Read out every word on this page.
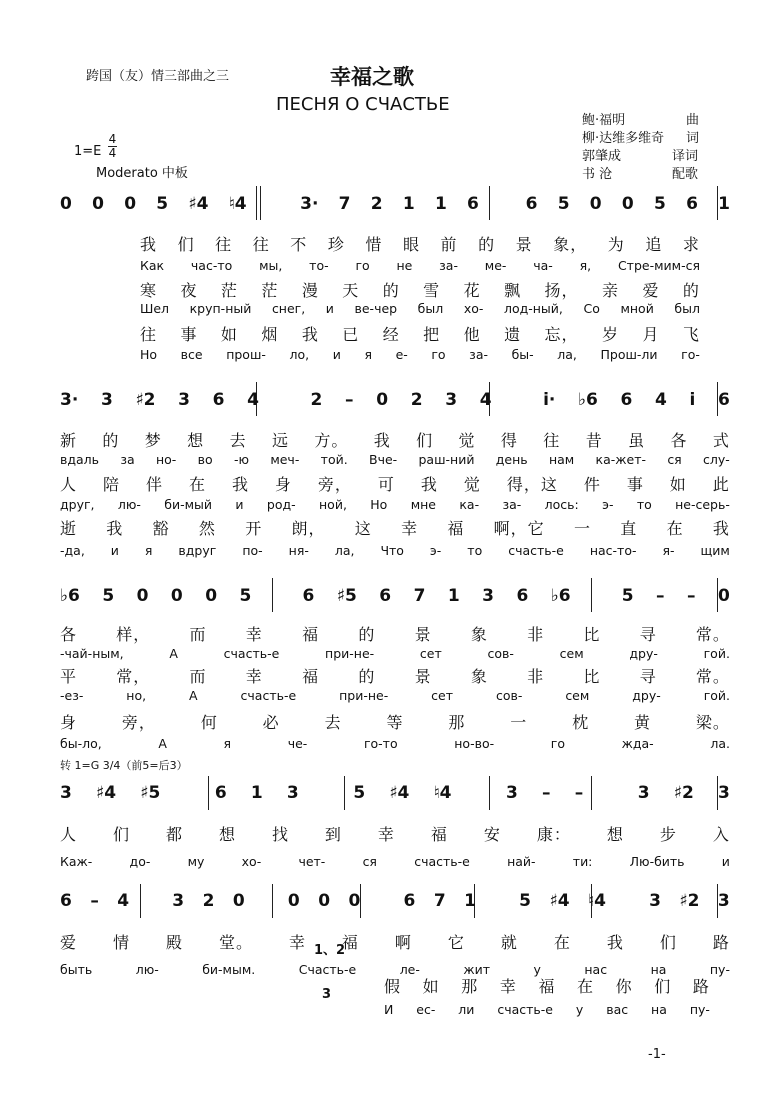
跨国（友）情三部曲之三	幸福之歌
ПЕСНЯ О СЧАСТЬЕ
1=E
4
4
Moderato 中板
鲍·福明	曲
柳·达维多维奇 词
郭肇成	译词
书 沧	配歌
0 0 0 5 ♯4 ♮4	3· 7 2 1 1 6	6 5 0 0 5 6 1
我 们 往 往 不 珍 惜 眼 前 的 景 象， 为 追 求
Как час-то мы, то- го не за- ме- ча- я, Стре-мим-ся
寒 夜 茫 茫 漫 天 的 雪 花 飘 扬， 亲 爱 的
Шел круп-ный снег, и ве-чер был хо- лод-ный, Со мной был
往 事 如 烟 我 已 经 把 他 遗 忘， 岁 月 飞
Но все прош- ло, и я е- го за- бы- ла, Прош-ли го-
3· 3 ♯2 3 6 4	2 – 0 2 3 4	i· ♭6 6 4 i 6
新 的 梦 想 去 远 方。 我 们 觉 得 往 昔 虽 各 式
вдаль за но- во -ю меч- той. Вче- раш-ний день нам ка-жет- ся слу-
人 陪 伴 在 我 身 旁， 可 我 觉 得，这 件 事 如 此
друг, лю- би-мый и род- ной, Но мне ка- за- лось: э- то не-серь-
逝 我 豁 然 开 朗， 这 幸 福 啊，它 一 直 在 我
-да, и я вдруг по- ня- ла, Что э- то счасть-е нас-то- я- щим
♭6 5 0 0 0 5	6 ♯5 6 7 1 3 6 ♭6	5 – – 0
各 样， 而 幸 福 的 景 象 非 比 寻 常。
-чай-ным,	А	счасть-е	при-не-	сет	сов-	сем	дру-	гой.
平 常， 而 幸 福 的 景 象 非 比 寻 常。
-ез-	но,	А	счасть-е	при-не-	сет	сов-	сем	дру-	гой.
身	旁，	何	必	去	等	那	一	枕	黄	梁。
бы-ло,	А	я	че-	го-то	но-во-	го	ждa-	ла.
转 1=G 3/4（前5=后3）
3 ♯4 ♯5	6 1 3	5 ♯4 ♮4	3 – –	3 ♯2 3
人 们 都 想 找 到 幸 福 安 康： 想 步 入
Каж-	до-	му	хо-	чет-	ся	счасть-е	най-	ти:	Лю-бить	и
6 – 4	3 2 0	0 0 0	6 7 1	5 ♯4 ♮4	3 ♯2 3
1、2
3
爱 情 殿 堂。 幸 福 啊 它 就 在 我 们 路
быть	лю-	би-мым.	Счасть-е	ле-	жит	у	нас	на	пу-
假 如 那 幸 福 在 你 们 路
И ес- ли счасть-е у вас на пу-
-1-
